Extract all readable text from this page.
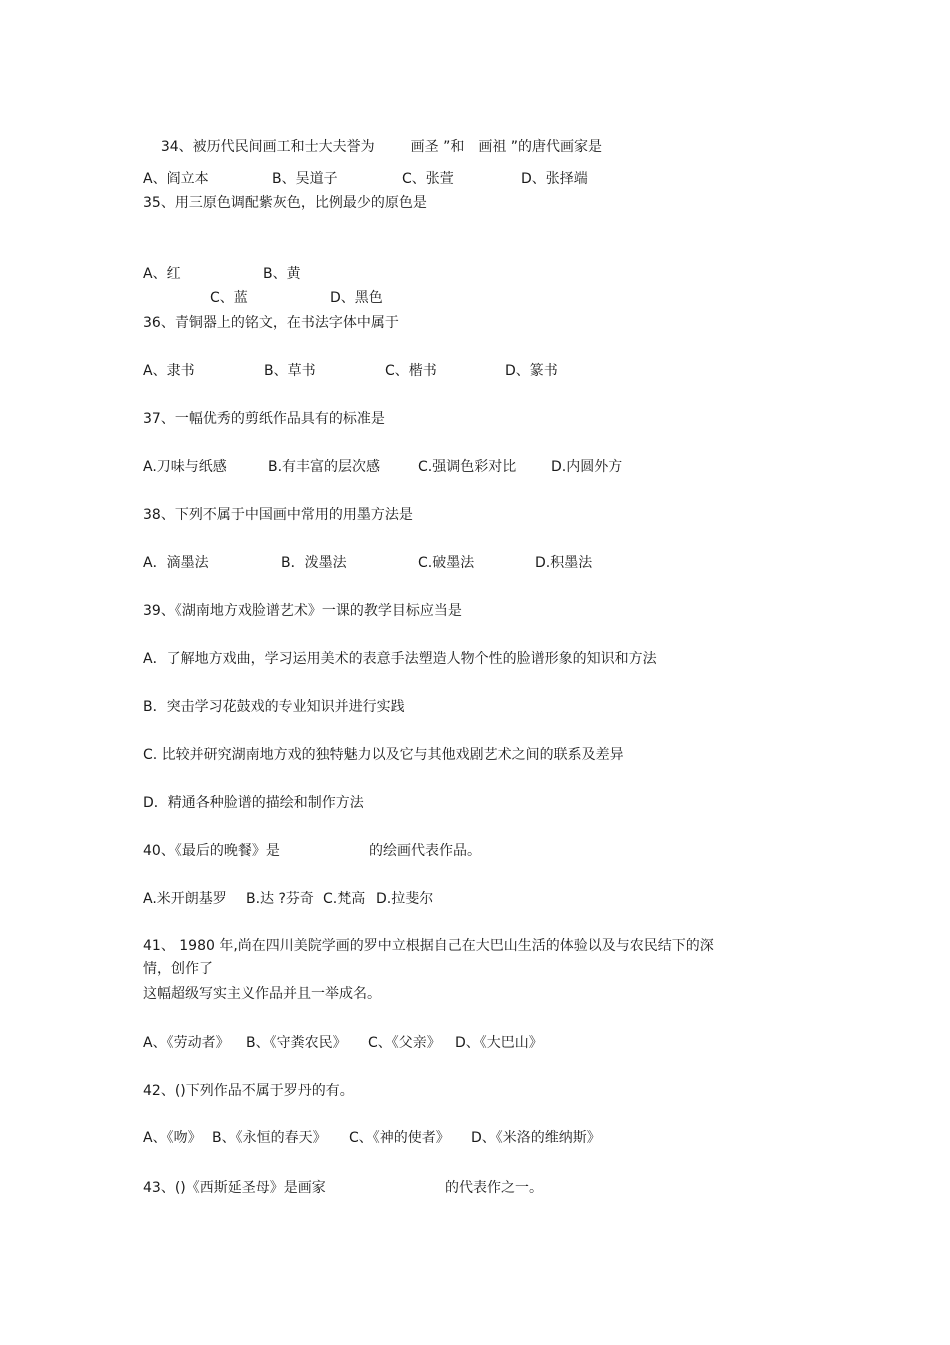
34、被历代民间画工和士大夫誉为　画圣 ”和　画祖 ”的唐代画家是

A、阎立本	B、吴道子	C、张萱	D、张择端
35、用三原色调配紫灰色，比例最少的原色是
A、红	B、黄
C、蓝	D、黑色
36、青铜器上的铭文，在书法字体中属于
A、隶书	B、草书	C、楷书	D、篆书
37、一幅优秀的剪纸作品具有的标准是
A.刀味与纸感	B.有丰富的层次感	C.强调色彩对比 D.内圆外方
38、下列不属于中国画中常用的用墨方法是
A．滴墨法	B．泼墨法	C.破墨法	D.积墨法
39、《湖南地方戏脸谱艺术》一课的教学目标应当是
A．了解地方戏曲，学习运用美术的表意手法塑造人物个性的脸谱形象的知识和方法
B．突击学习花鼓戏的专业知识并进行实践
C. 比较并研究湖南地方戏的独特魅力以及它与其他戏剧艺术之间的联系及差异
D．精通各种脸谱的描绘和制作方法
40、《最后的晚餐》是	的绘画代表作品。
A.米开朗基罗 B.达 ?芬奇 C.梵高 D.拉斐尔
41、 1980 年,尚在四川美院学画的罗中立根据自己在大巴山生活的体验以及与农民结下的深
情，创作了
这幅超级写实主义作品并且一举成名。
A、《劳动者》 B、《守粪农民》 C、《父亲》 D、《大巴山》
42、()下列作品不属于罗丹的有。
A、《吻》 B、《永恒的春天》 C、《神的使者》 D、《米洛的维纳斯》
43、()《西斯延圣母》是画家	的代表作之一。
